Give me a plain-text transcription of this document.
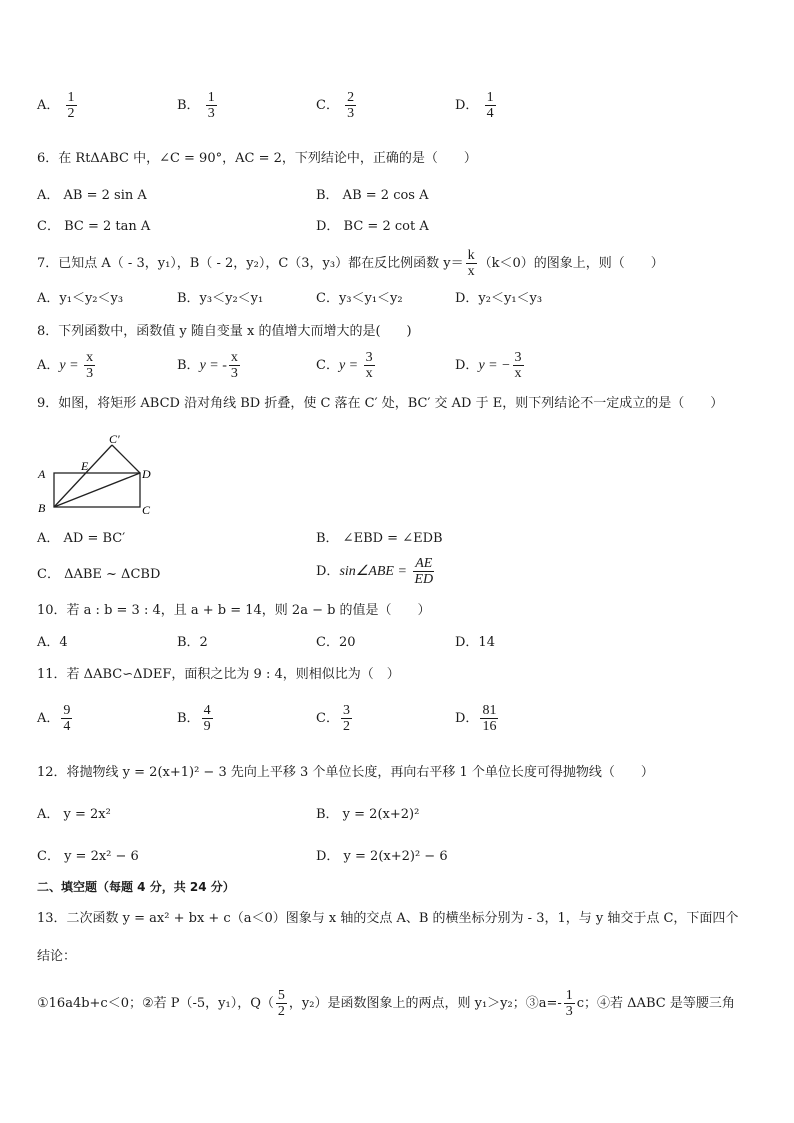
A． $\frac{1}{2}$	B． $\frac{1}{3}$	C． $\frac{2}{3}$	D． $\frac{1}{4}$
6．在 RtΔABC 中，∠C = 90°，AC = 2，下列结论中，正确的是（　　）
A． AB = 2 sin A	B． AB = 2 cos A
C． BC = 2 tan A	D． BC = 2 cot A
7．已知点 A（ - 3，y₁），B（ - 2，y₂），C（3，y₃）都在反比例函数 $y= \frac{k}{x} (k<0)$的图象上，则（　　）
A．y₁＜y₂＜y₃	B．y₃＜y₂＜y₁	C．y₃＜y₁＜y₂	D．y₂＜y₁＜y₃
8．下列函数中，函数值 y 随自变量 x 的值增大而增大的是(　　)
A．$y = \frac{x}{3}$	B．y = - $\frac{x}{3}$	C．$y = \frac{3}{x}$	D．y = − $\frac{3}{x}$
9．如图，将矩形 ABCD 沿对角线 BD 折叠，使 C 落在 C′ 处，BC′ 交 AD 于 E，则下列结论不一定成立的是（　　）
C'
A
E
D
B	C
A． AD = BC′	B． ∠EBD = ∠EDB
C． ΔABE ~ ΔCBD	D．sin∠ABE = $\frac{AE}{ED}$
10．若 a : b = 3 : 4，且 a + b = 14，则 2a − b 的值是（　　）
A．4	B．2	C．20	D．14
11．若 ΔABC∽ΔDEF，面积之比为 9 : 4，则相似比为（　）
A． $\frac{9}{4}$	B． $\frac{4}{9}$	C． $\frac{3}{2}$	D． $\frac{81}{16}$
12．将抛物线 y = 2(x+1)² − 3 先向上平移 3 个单位长度，再向右平移 1 个单位长度可得抛物线（　　）
A． y = 2x²	B． y = 2(x+2)²
C． y = 2x² − 6	D． y = 2(x+2)² − 6
二、填空题（每题 4 分，共 24 分）
13．二次函数 y = ax² + bx + c（a＜0）图象与 x 轴的交点 A、B 的横坐标分别为 - 3，1，与 y 轴交于点 C，下面四个
结论：
①16a4b+c＜0；②若 P（-5，y₁），$Q( \frac{5}{2}$ ，y₂）是函数图象上的两点，则 y₁＞y₂；③a=- $\frac{1}{3}$ c；④若 ΔABC 是等腰三角
